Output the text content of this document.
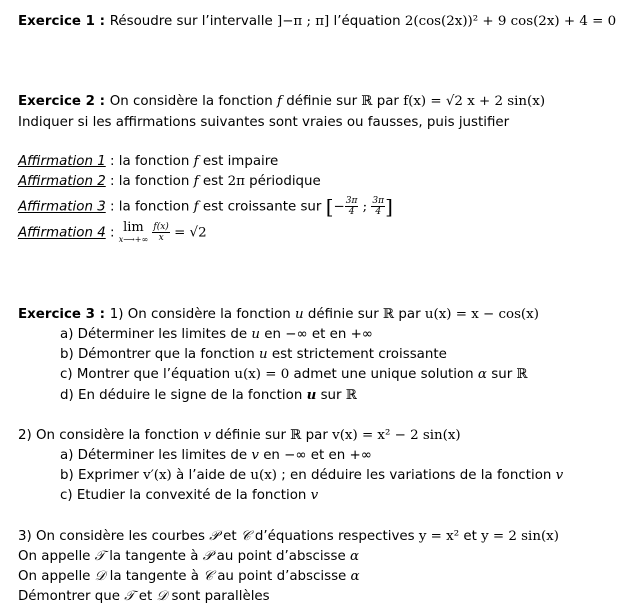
Exercice 1 : Résoudre sur l’intervalle ]−π ; π] l’équation 2(cos(2x))² + 9 cos(2x) + 4 = 0
Exercice 2 : On considère la fonction f définie sur ℝ par f(x) = √2 x + 2 sin(x)
Indiquer si les affirmations suivantes sont vraies ou fausses, puis justifier
Affirmation 1 : la fonction f est impaire
Affirmation 2 : la fonction f est 2π périodique
Affirmation 3 : la fonction f est croissante sur [− $\frac{3\pi}{4}$ ; $\frac{3\pi}{4}$ ]
Affirmation 4 : lim
x⟶+∞
$\frac{f(x)}{x} = √2$
Exercice 3 : 1) On considère la fonction u définie sur ℝ par u(x) = x − cos(x)
a) Déterminer les limites de u en −∞ et en +∞
b) Démontrer que la fonction u est strictement croissante
c) Montrer que l’équation u(x) = 0 admet une unique solution α sur ℝ
d) En déduire le signe de la fonction u sur ℝ
2) On considère la fonction v définie sur ℝ par v(x) = x² − 2 sin(x)
a) Déterminer les limites de v en −∞ et en +∞
b) Exprimer v′(x) à l’aide de u(x) ; en déduire les variations de la fonction v
c) Etudier la convexité de la fonction v
3) On considère les courbes 𝒫 et 𝒞 d’équations respectives y = x² et y = 2 sin(x)
On appelle 𝒯 la tangente à 𝒫 au point d’abscisse α
On appelle 𝒟 la tangente à 𝒞 au point d’abscisse α
Démontrer que 𝒯 et 𝒟 sont parallèles
